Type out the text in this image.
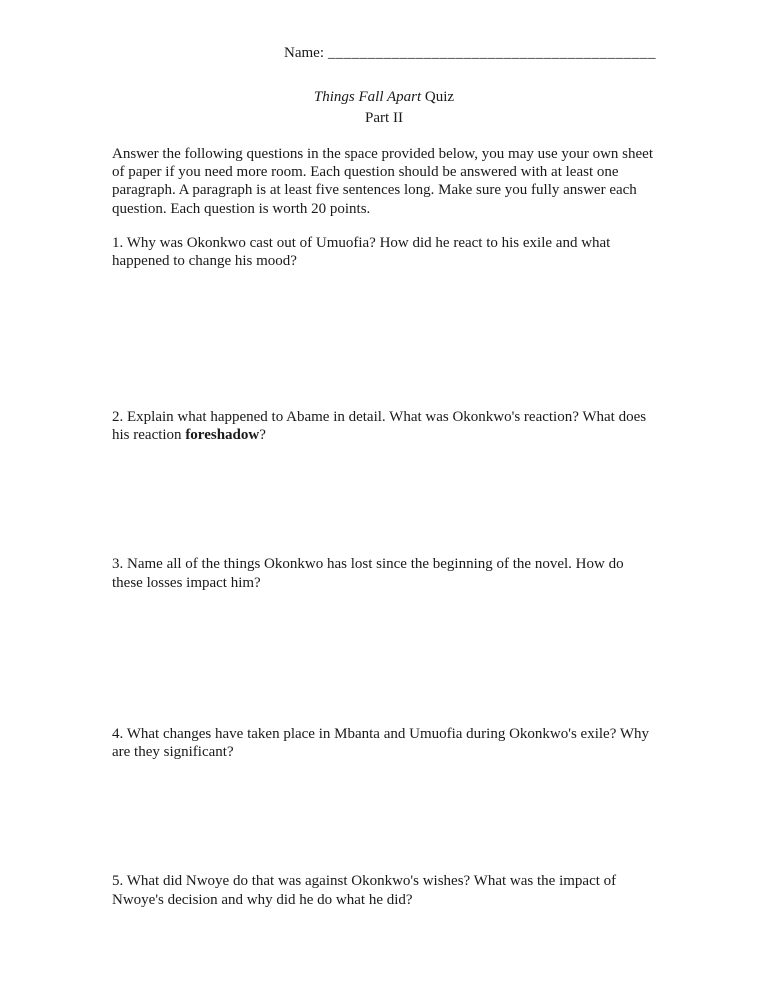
Name: _________________________________________
Things Fall Apart Quiz
Part II

Answer the following questions in the space provided below, you may use your own sheet of paper if you need more room. Each question should be answered with at least one paragraph. A paragraph is at least five sentences long. Make sure you fully answer each question. Each question is worth 20 points.

1. Why was Okonkwo cast out of Umuofia? How did he react to his exile and what happened to change his mood?

2. Explain what happened to Abame in detail. What was Okonkwo's reaction? What does his reaction foreshadow?

3. Name all of the things Okonkwo has lost since the beginning of the novel. How do these losses impact him?

4. What changes have taken place in Mbanta and Umuofia during Okonkwo's exile? Why are they significant?

5. What did Nwoye do that was against Okonkwo's wishes? What was the impact of Nwoye's decision and why did he do what he did?
